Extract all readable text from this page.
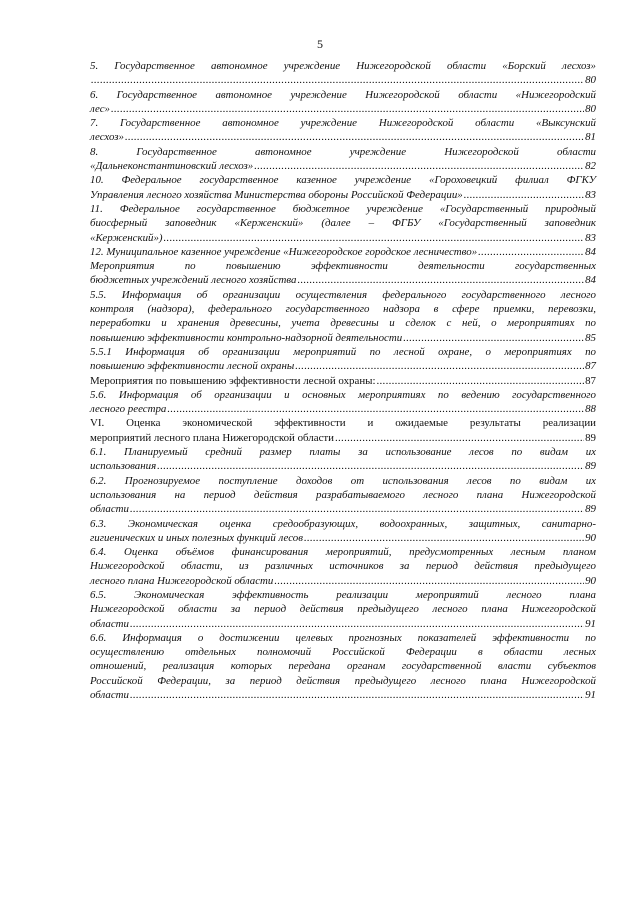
5
5. Государственное автономное учреждение Нижегородской области «Борский лесхоз»
.....
80
6. Государственное автономное учреждение Нижегородской области «Нижегородский
лес» .....	80
7. Государственное автономное учреждение Нижегородской области «Выксунский
лесхоз» .....	81
8. Государственное автономное учреждение Нижегородской области
«Дальнеконстантиновский лесхоз» .....	82
10. Федеральное государственное казенное учреждение «Гороховецкий филиал ФГКУ
Управления лесного хозяйства Министерства обороны Российской Федерации» .....	83
11. Федеральное государственное бюджетное учреждение «Государственный природный
биосферный заповедник «Керженский» (далее – ФГБУ «Государственный заповедник
«Керженский») .....	83
12. Муниципальное казенное учреждение «Нижегородское городское лесничество» .....	84
Мероприятия по повышению эффективности деятельности государственных
бюджетных учреждений лесного хозяйства .....	84
5.5. Информация об организации осуществления федерального государственного лесного
контроля (надзора), федерального государственного надзора в сфере приемки, перевозки,
переработки и хранения древесины, учета древесины и сделок с ней, о мероприятиях по
повышению эффективности контрольно-надзорной деятельности .....	85
5.5.1 Информация об организации мероприятий по лесной охране, о мероприятиях по
повышению эффективности лесной охраны .....	87
Мероприятия по повышению эффективности лесной охраны: .....	87
5.6. Информация об организации и основных мероприятиях по ведению государственного
лесного реестра .....	88
VI. Оценка экономической эффективности и ожидаемые результаты реализации
мероприятий лесного плана Нижегородской области .....	89
6.1. Планируемый средний размер платы за использование лесов по видам их
использования .....	89
6.2. Прогнозируемое поступление доходов от использования лесов по видам их
использования на период действия разрабатываемого лесного плана Нижегородской
области .....	89
6.3. Экономическая оценка средообразующих, водоохранных, защитных, санитарно-
гигиенических и иных полезных функций лесов .....	90
6.4. Оценка объёмов финансирования мероприятий, предусмотренных лесным планом
Нижегородской области, из различных источников за период действия предыдущего
лесного плана Нижегородской области .....	90
6.5. Экономическая эффективность реализации мероприятий лесного плана
Нижегородской области за период действия предыдущего лесного плана Нижегородской
области .....	91
6.6. Информация о достижении целевых прогнозных показателей эффективности по
осуществлению отдельных полномочий Российской Федерации в области лесных
отношений, реализация которых передана органам государственной власти субъектов
Российской Федерации, за период действия предыдущего лесного плана Нижегородской
области .....	91
